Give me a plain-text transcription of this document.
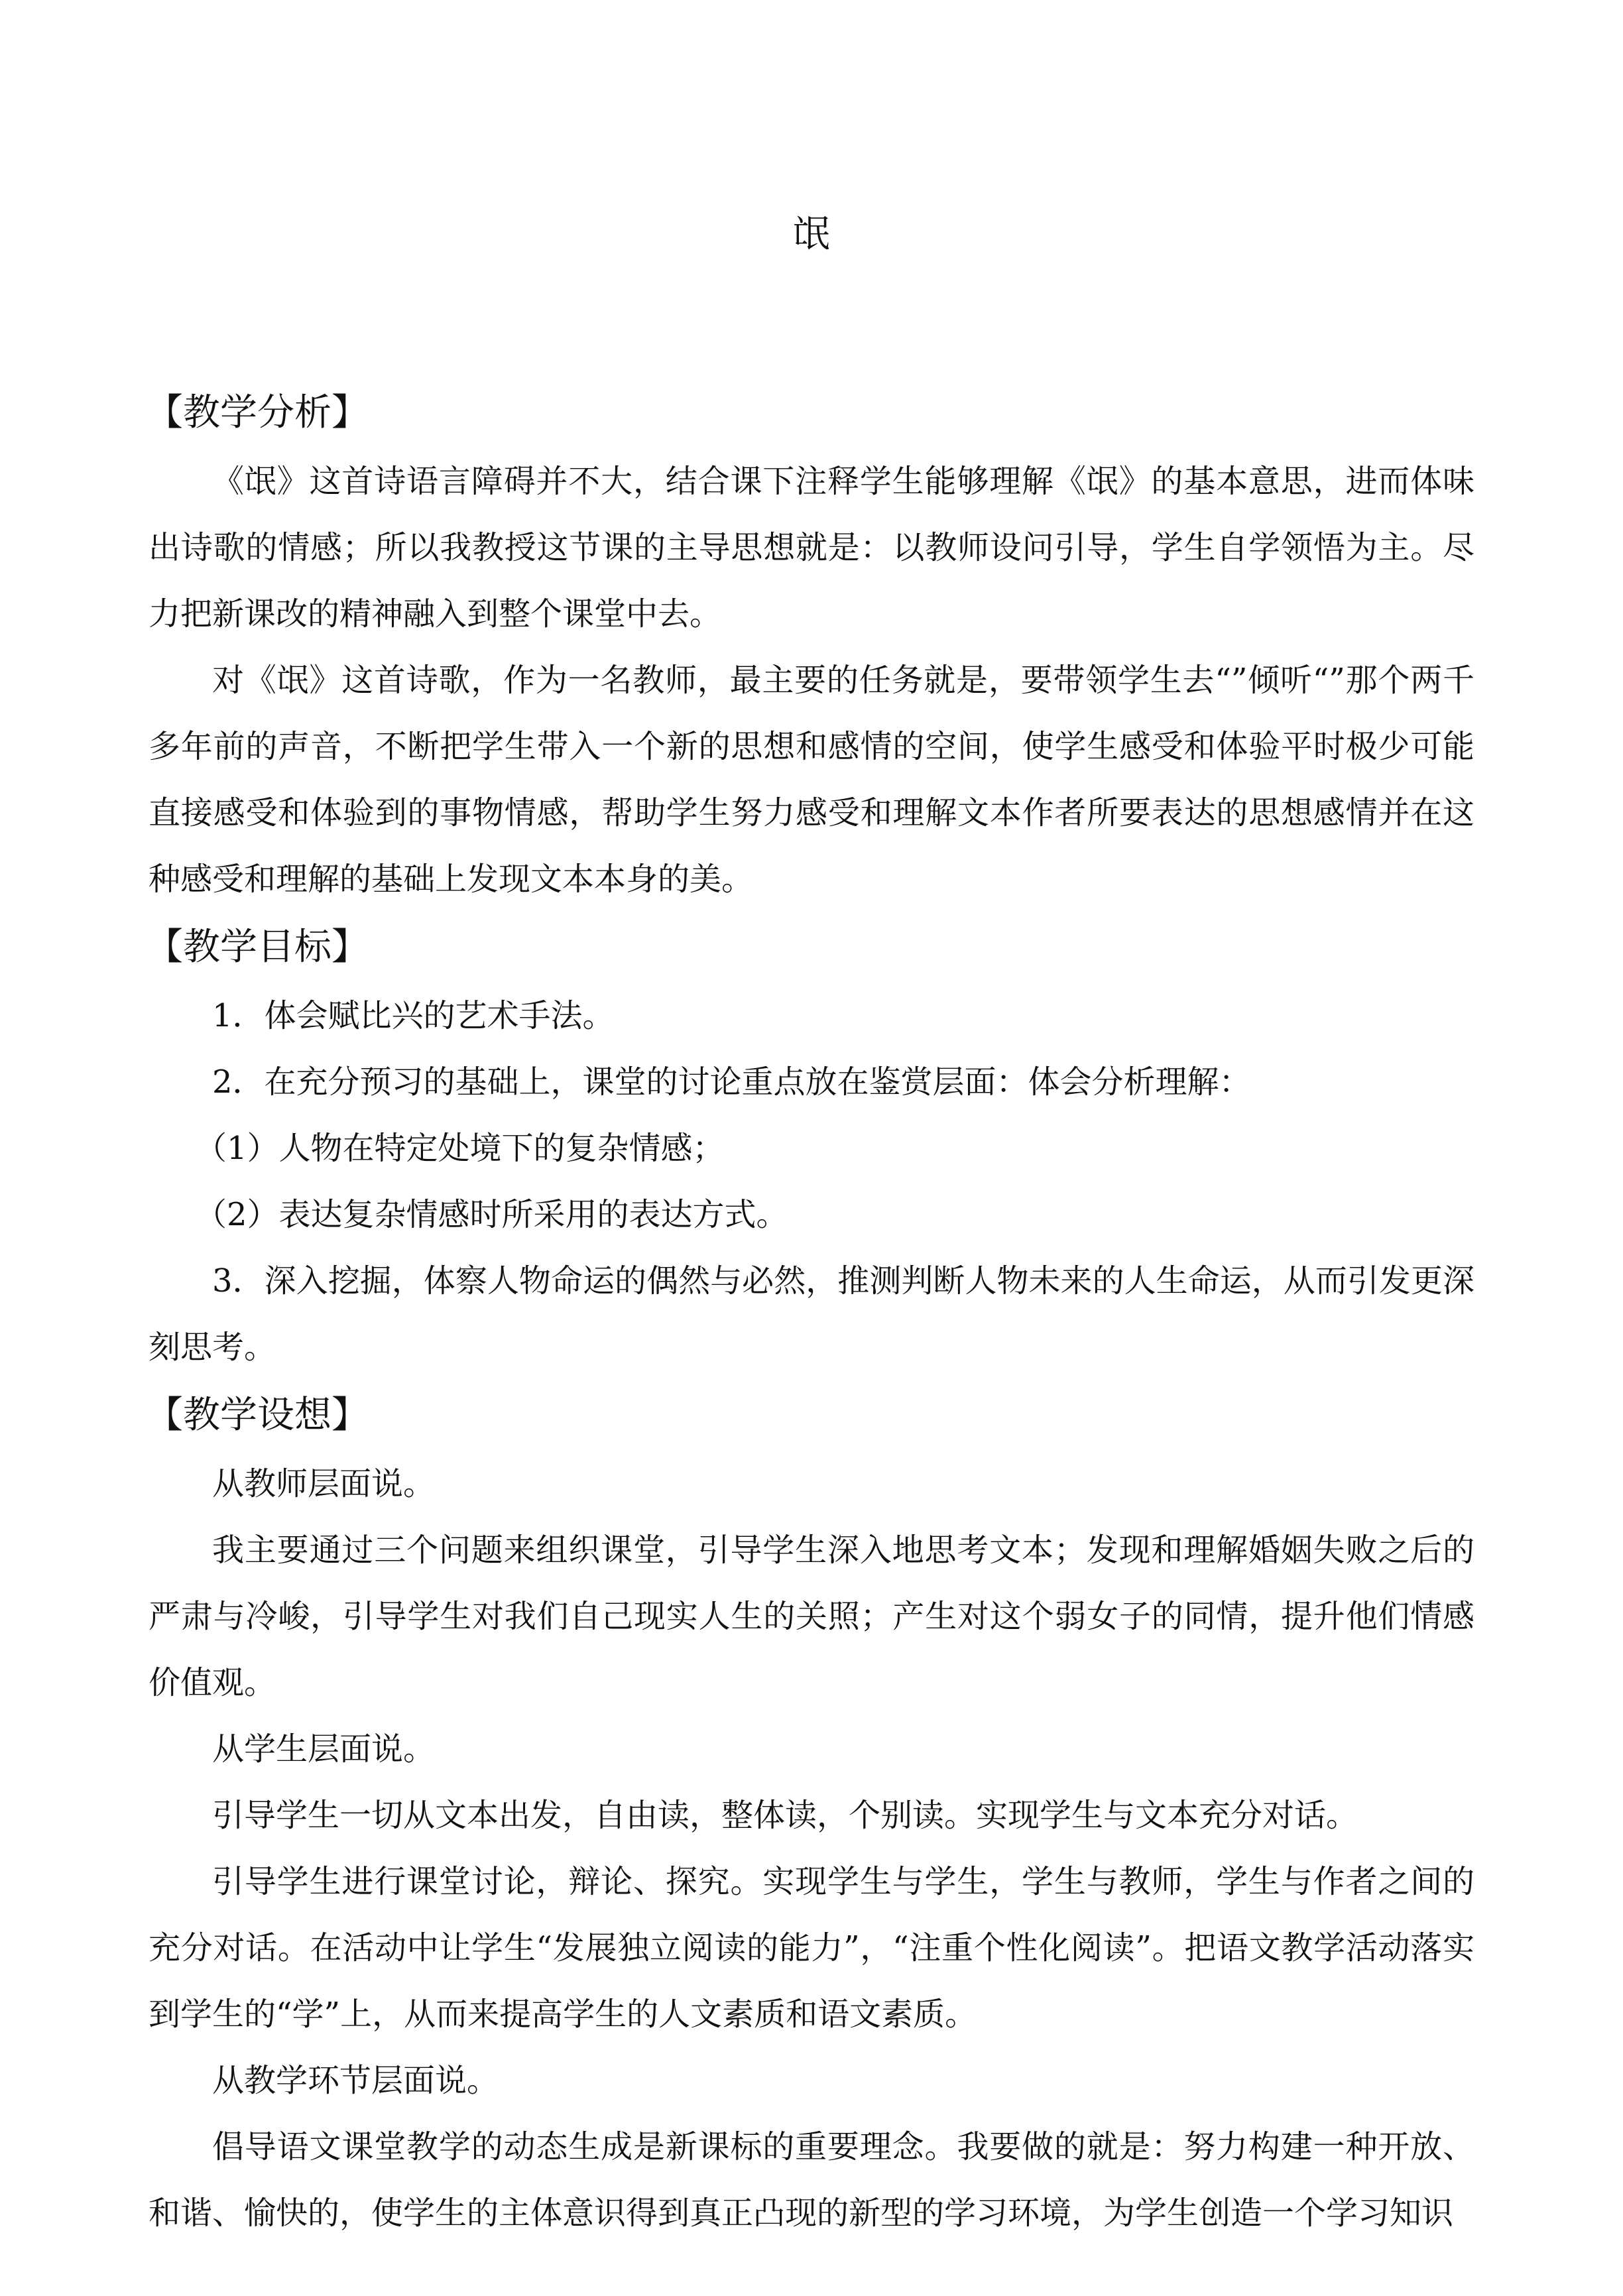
氓
【教学分析】

《氓》这首诗语言障碍并不大，结合课下注释学生能够理解《氓》的基本意思，进而体味出诗歌的情感；所以我教授这节课的主导思想就是：以教师设问引导，学生自学领悟为主。尽力把新课改的精神融入到整个课堂中去。

对《氓》这首诗歌，作为一名教师，最主要的任务就是，要带领学生去“”倾听“”那个两千多年前的声音，不断把学生带入一个新的思想和感情的空间，使学生感受和体验平时极少可能直接感受和体验到的事物情感，帮助学生努力感受和理解文本作者所要表达的思想感情并在这种感受和理解的基础上发现文本本身的美。

【教学目标】

1．体会赋比兴的艺术手法。

2．在充分预习的基础上，课堂的讨论重点放在鉴赏层面：体会分析理解：

（1）人物在特定处境下的复杂情感；

（2）表达复杂情感时所采用的表达方式。

3．深入挖掘，体察人物命运的偶然与必然，推测判断人物未来的人生命运，从而引发更深刻思考。

【教学设想】

从教师层面说。

我主要通过三个问题来组织课堂，引导学生深入地思考文本；发现和理解婚姻失败之后的严肃与冷峻，引导学生对我们自己现实人生的关照；产生对这个弱女子的同情，提升他们情感价值观。

从学生层面说。

引导学生一切从文本出发，自由读，整体读，个别读。实现学生与文本充分对话。

引导学生进行课堂讨论，辩论、探究。实现学生与学生，学生与教师，学生与作者之间的充分对话。在活动中让学生“发展独立阅读的能力”，“注重个性化阅读”。把语文教学活动落实到学生的“学”上，从而来提高学生的人文素质和语文素质。

从教学环节层面说。

倡导语文课堂教学的动态生成是新课标的重要理念。我要做的就是：努力构建一种开放、和谐、愉快的，使学生的主体意识得到真正凸现的新型的学习环境，为学生创造一个学习知识
